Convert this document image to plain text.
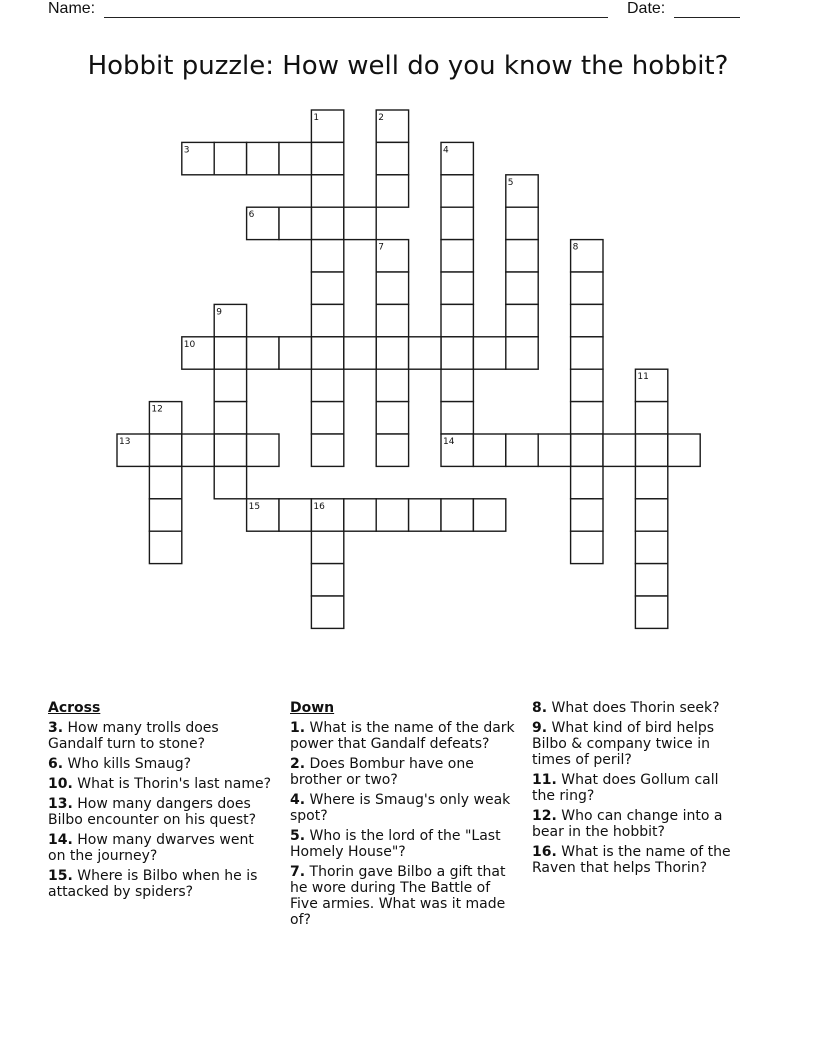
Name:	Date:
Hobbit puzzle: How well do you know the hobbit?
1	2
3	4
5
6
7	8
9
10
11
12
13	14
15	16
Across
3. How many trolls does Gandalf turn to stone?
6. Who kills Smaug?
10. What is Thorin's last name?
13. How many dangers does Bilbo encounter on his quest?
14. How many dwarves went on the journey?
15. Where is Bilbo when he is attacked by spiders?
Down
1. What is the name of the dark power that Gandalf defeats?
2. Does Bombur have one brother or two?
4. Where is Smaug's only weak spot?
5. Who is the lord of the "Last Homely House"?
7. Thorin gave Bilbo a gift that he wore during The Battle of Five armies. What was it made of?
8. What does Thorin seek?
9. What kind of bird helps Bilbo & company twice in times of peril?
11. What does Gollum call the ring?
12. Who can change into a bear in the hobbit?
16. What is the name of the Raven that helps Thorin?
